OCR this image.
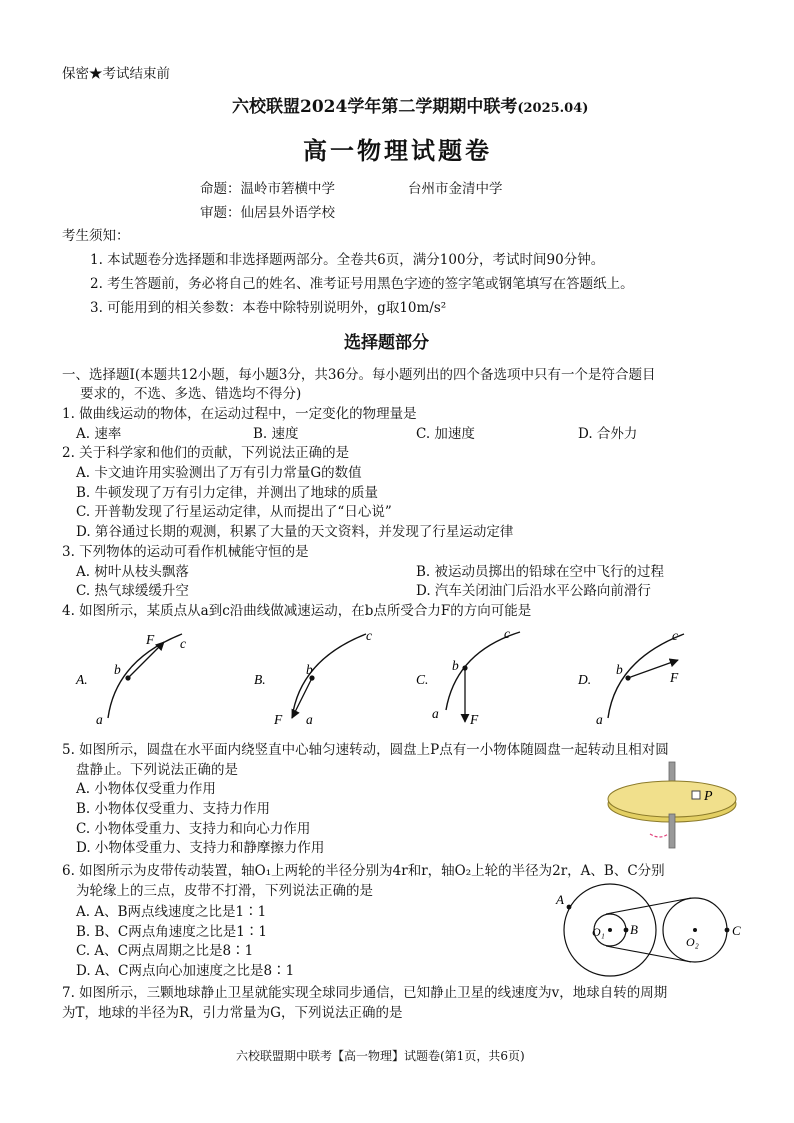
保密★考试结束前
六校联盟2024学年第二学期期中联考(2025.04)
高一物理试题卷
命题：温岭市箬横中学	台州市金清中学
审题：仙居县外语学校
考生须知：
1. 本试题卷分选择题和非选择题两部分。全卷共6页，满分100分，考试时间90分钟。
2. 考生答题前，务必将自己的姓名、准考证号用黑色字迹的签字笔或钢笔填写在答题纸上。
3. 可能用到的相关参数：本卷中除特别说明外，g取10m/s²
选择题部分
一、选择题Ⅰ(本题共12小题，每小题3分，共36分。每小题列出的四个备选项中只有一个是符合题目
要求的，不选、多选、错选均不得分)
1. 做曲线运动的物体，在运动过程中，一定变化的物理量是
A. 速率	B. 速度	C. 加速度	D. 合外力
2. 关于科学家和他们的贡献，下列说法正确的是
A. 卡文迪许用实验测出了万有引力常量G的数值
B. 牛顿发现了万有引力定律，并测出了地球的质量
C. 开普勒发现了行星运动定律，从而提出了“日心说”
D. 第谷通过长期的观测，积累了大量的天文资料，并发现了行星运动定律
3. 下列物体的运动可看作机械能守恒的是
A. 树叶从枝头飘落	B. 被运动员掷出的铅球在空中飞行的过程
C. 热气球缓缓升空	D. 汽车关闭油门后沿水平公路向前滑行
4. 如图所示，某质点从a到c沿曲线做减速运动，在b点所受合力F的方向可能是
A.
a
b
c
F
B.
a
b
c
F
C.
a
b
c
F
D.
a
b
c
F
5. 如图所示，圆盘在水平面内绕竖直中心轴匀速转动，圆盘上P点有一小物体随圆盘一起转动且相对圆
盘静止。下列说法正确的是
A. 小物体仅受重力作用
B. 小物体仅受重力、支持力作用
C. 小物体受重力、支持力和向心力作用
D. 小物体受重力、支持力和静摩擦力作用
P
6. 如图所示为皮带传动装置，轴O₁上两轮的半径分别为4r和r，轴O₂上轮的半径为2r，A、B、C分别
为轮缘上的三点，皮带不打滑，下列说法正确的是
A. A、B两点线速度之比是1∶1
B. B、C两点角速度之比是1∶1
C. A、C两点周期之比是8∶1
D. A、C两点向心加速度之比是8∶1
A
B	C
O₁
O₂
7. 如图所示，三颗地球静止卫星就能实现全球同步通信，已知静止卫星的线速度为v，地球自转的周期
为T，地球的半径为R，引力常量为G，下列说法正确的是
六校联盟期中联考【高一物理】试题卷(第1页，共6页)
